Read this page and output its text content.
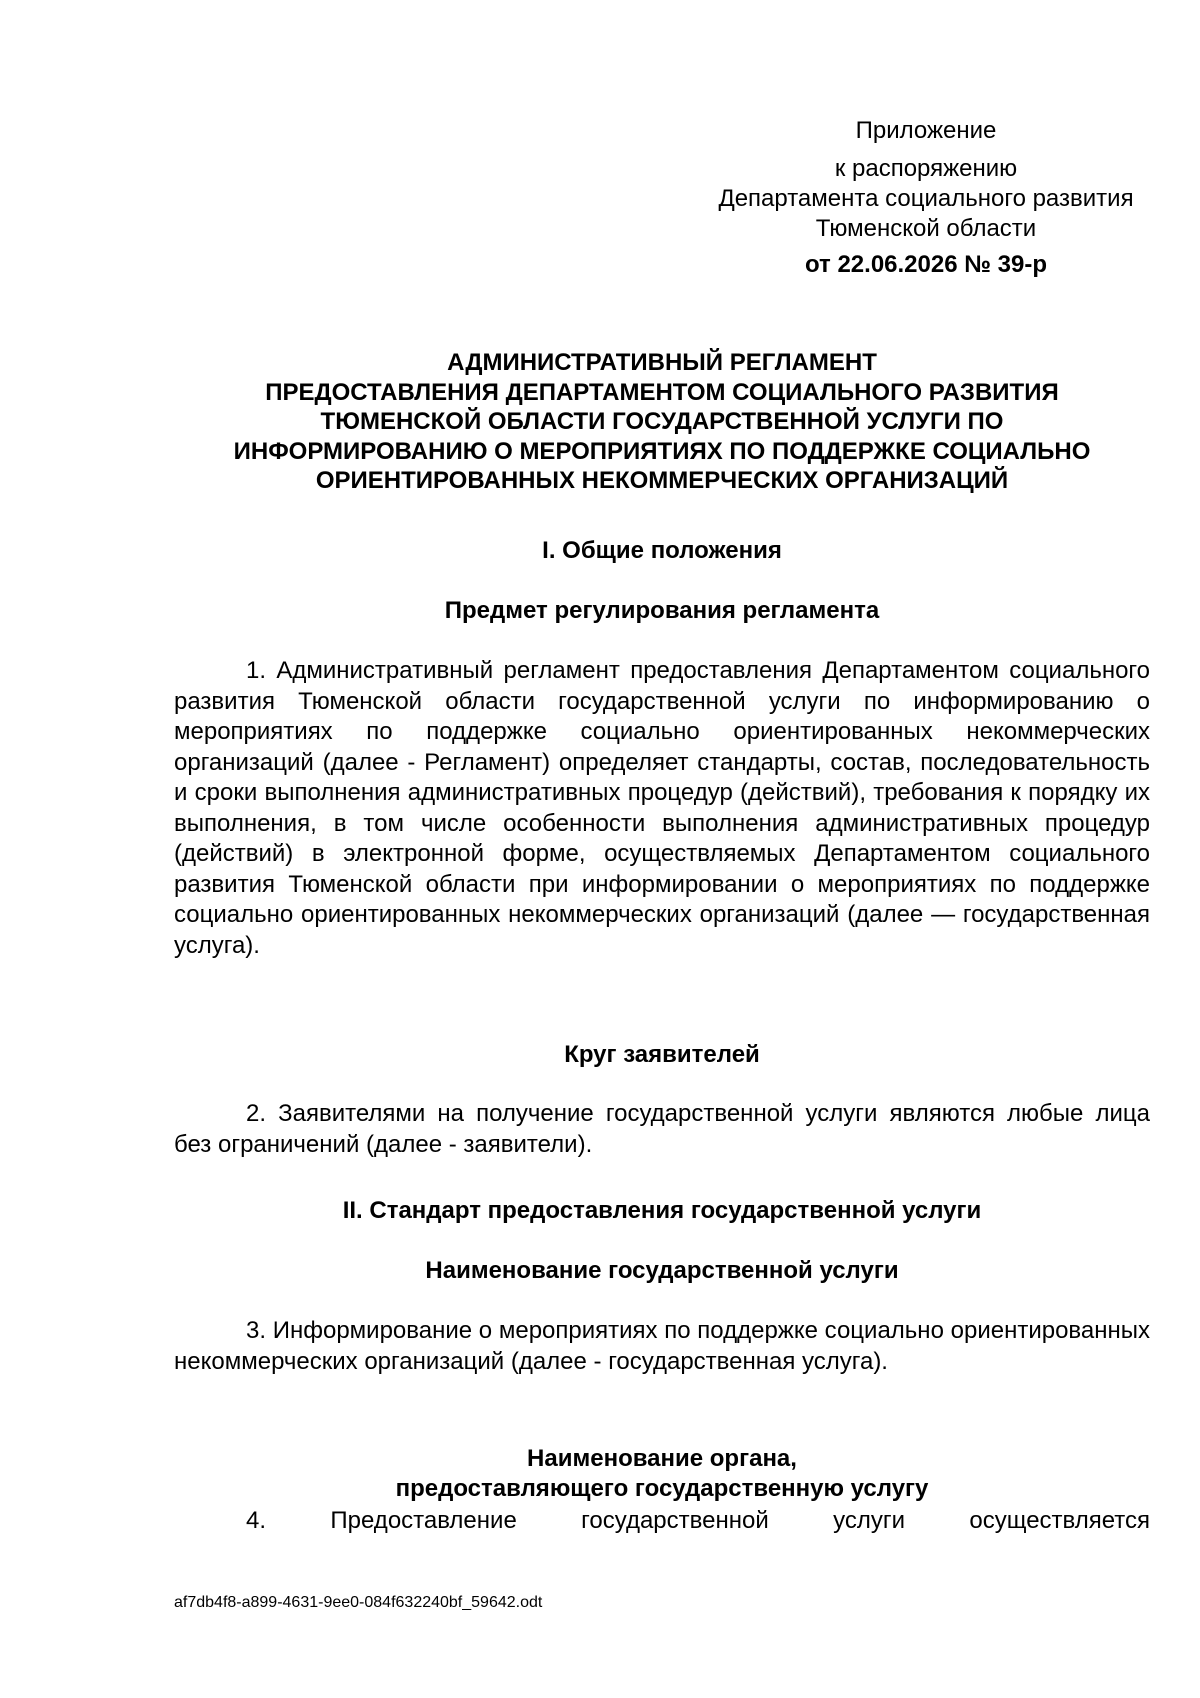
Приложение
к распоряжению
Департамента социального развития
Тюменской области
от 22.06.2026 № 39-р
АДМИНИСТРАТИВНЫЙ РЕГЛАМЕНТ
ПРЕДОСТАВЛЕНИЯ ДЕПАРТАМЕНТОМ СОЦИАЛЬНОГО РАЗВИТИЯ
ТЮМЕНСКОЙ ОБЛАСТИ ГОСУДАРСТВЕННОЙ УСЛУГИ ПО
ИНФОРМИРОВАНИЮ О МЕРОПРИЯТИЯХ ПО ПОДДЕРЖКЕ СОЦИАЛЬНО
ОРИЕНТИРОВАННЫХ НЕКОММЕРЧЕСКИХ ОРГАНИЗАЦИЙ
I. Общие положения
Предмет регулирования регламента
1. Административный регламент предоставления Департаментом социального развития Тюменской области государственной услуги по информированию о мероприятиях по поддержке социально ориентированных некоммерческих организаций (далее - Регламент) определяет стандарты, состав, последовательность и сроки выполнения административных процедур (действий), требования к порядку их выполнения, в том числе особенности выполнения административных процедур (действий) в электронной форме, осуществляемых Департаментом социального развития Тюменской области при информировании о мероприятиях по поддержке социально ориентированных некоммерческих организаций (далее — государственная услуга).
Круг заявителей
2. Заявителями на получение государственной услуги являются любые лица без ограничений (далее - заявители).
II. Стандарт предоставления государственной услуги
Наименование государственной услуги
3. Информирование о мероприятиях по поддержке социально ориентированных некоммерческих организаций (далее - государственная услуга).
Наименование органа,
предоставляющего государственную услугу
4. Предоставление государственной услуги осуществляется
af7db4f8-a899-4631-9ee0-084f632240bf_59642.odt
